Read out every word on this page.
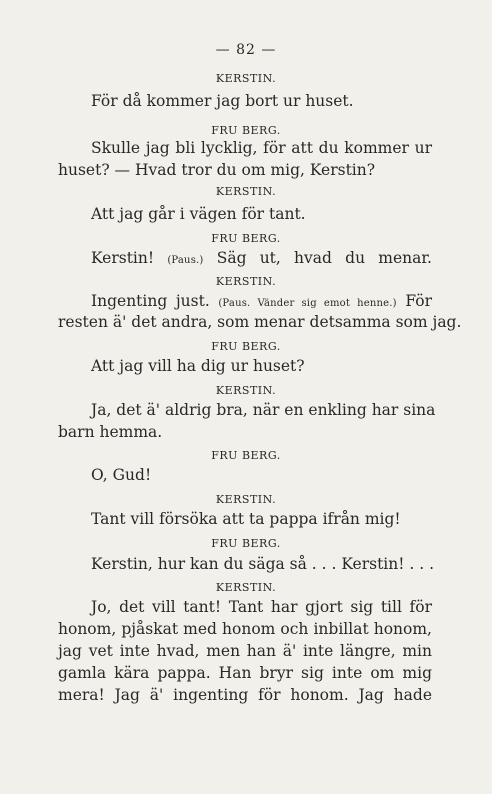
— 82 —
KERSTIN.
För då kommer jag bort ur huset.
FRU BERG.
Skulle jag bli lycklig, för att du kommer ur
huset? — Hvad tror du om mig, Kerstin?
KERSTIN.
Att jag går i vägen för tant.
FRU BERG.
Kerstin! (Paus.) Säg ut, hvad du menar.
KERSTIN.
Ingenting just. (Paus. Vänder sig emot henne.) För
resten ä' det andra, som menar detsamma som jag.
FRU BERG.
Att jag vill ha dig ur huset?
KERSTIN.
Ja, det ä' aldrig bra, när en enkling har sina
barn hemma.
FRU BERG.
O, Gud!
KERSTIN.
Tant vill försöka att ta pappa ifrån mig!
FRU BERG.
Kerstin, hur kan du säga så . . . Kerstin! . . .
KERSTIN.
Jo, det vill tant! Tant har gjort sig till för
honom, pjåskat med honom och inbillat honom,
jag vet inte hvad, men han ä' inte längre, min
gamla kära pappa. Han bryr sig inte om mig
mera! Jag ä' ingenting för honom. Jag hade
